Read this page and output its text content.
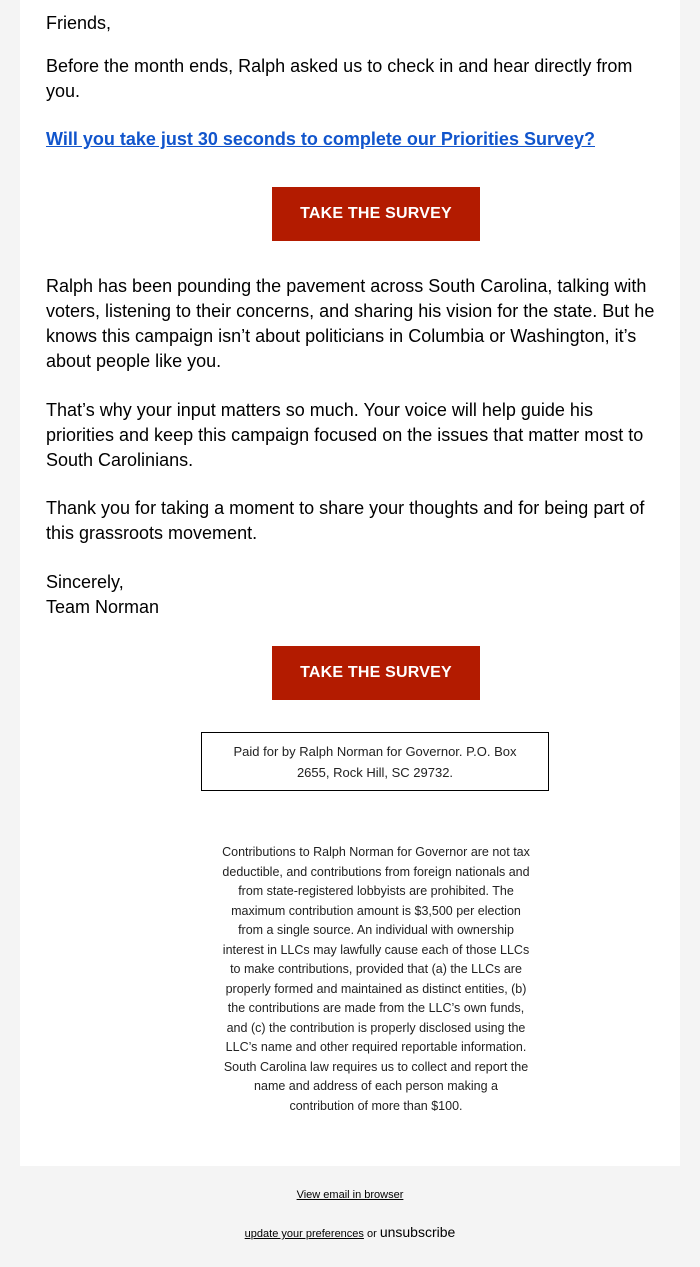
Friends,

Before the month ends, Ralph asked us to check in and hear directly from you.

Will you take just 30 seconds to complete our Priorities Survey?
TAKE THE SURVEY

Ralph has been pounding the pavement across South Carolina, talking with voters, listening to their concerns, and sharing his vision for the state. But he knows this campaign isn’t about politicians in Columbia or Washington, it’s about people like you.

That’s why your input matters so much. Your voice will help guide his priorities and keep this campaign focused on the issues that matter most to South Carolinians.

Thank you for taking a moment to share your thoughts and for being part of this grassroots movement.

Sincerely,

Team Norman

TAKE THE SURVEY
Paid for by Ralph Norman for Governor. P.O. Box 2655, Rock Hill, SC 29732.
Contributions to Ralph Norman for Governor are not tax deductible, and contributions from foreign nationals and from state-registered lobbyists are prohibited. The maximum contribution amount is $3,500 per election from a single source. An individual with ownership interest in LLCs may lawfully cause each of those LLCs to make contributions, provided that (a) the LLCs are properly formed and maintained as distinct entities, (b) the contributions are made from the LLC’s own funds, and (c) the contribution is properly disclosed using the LLC’s name and other required reportable information. South Carolina law requires us to collect and report the name and address of each person making a contribution of more than $100.
View email in browser
update your preferences or unsubscribe
